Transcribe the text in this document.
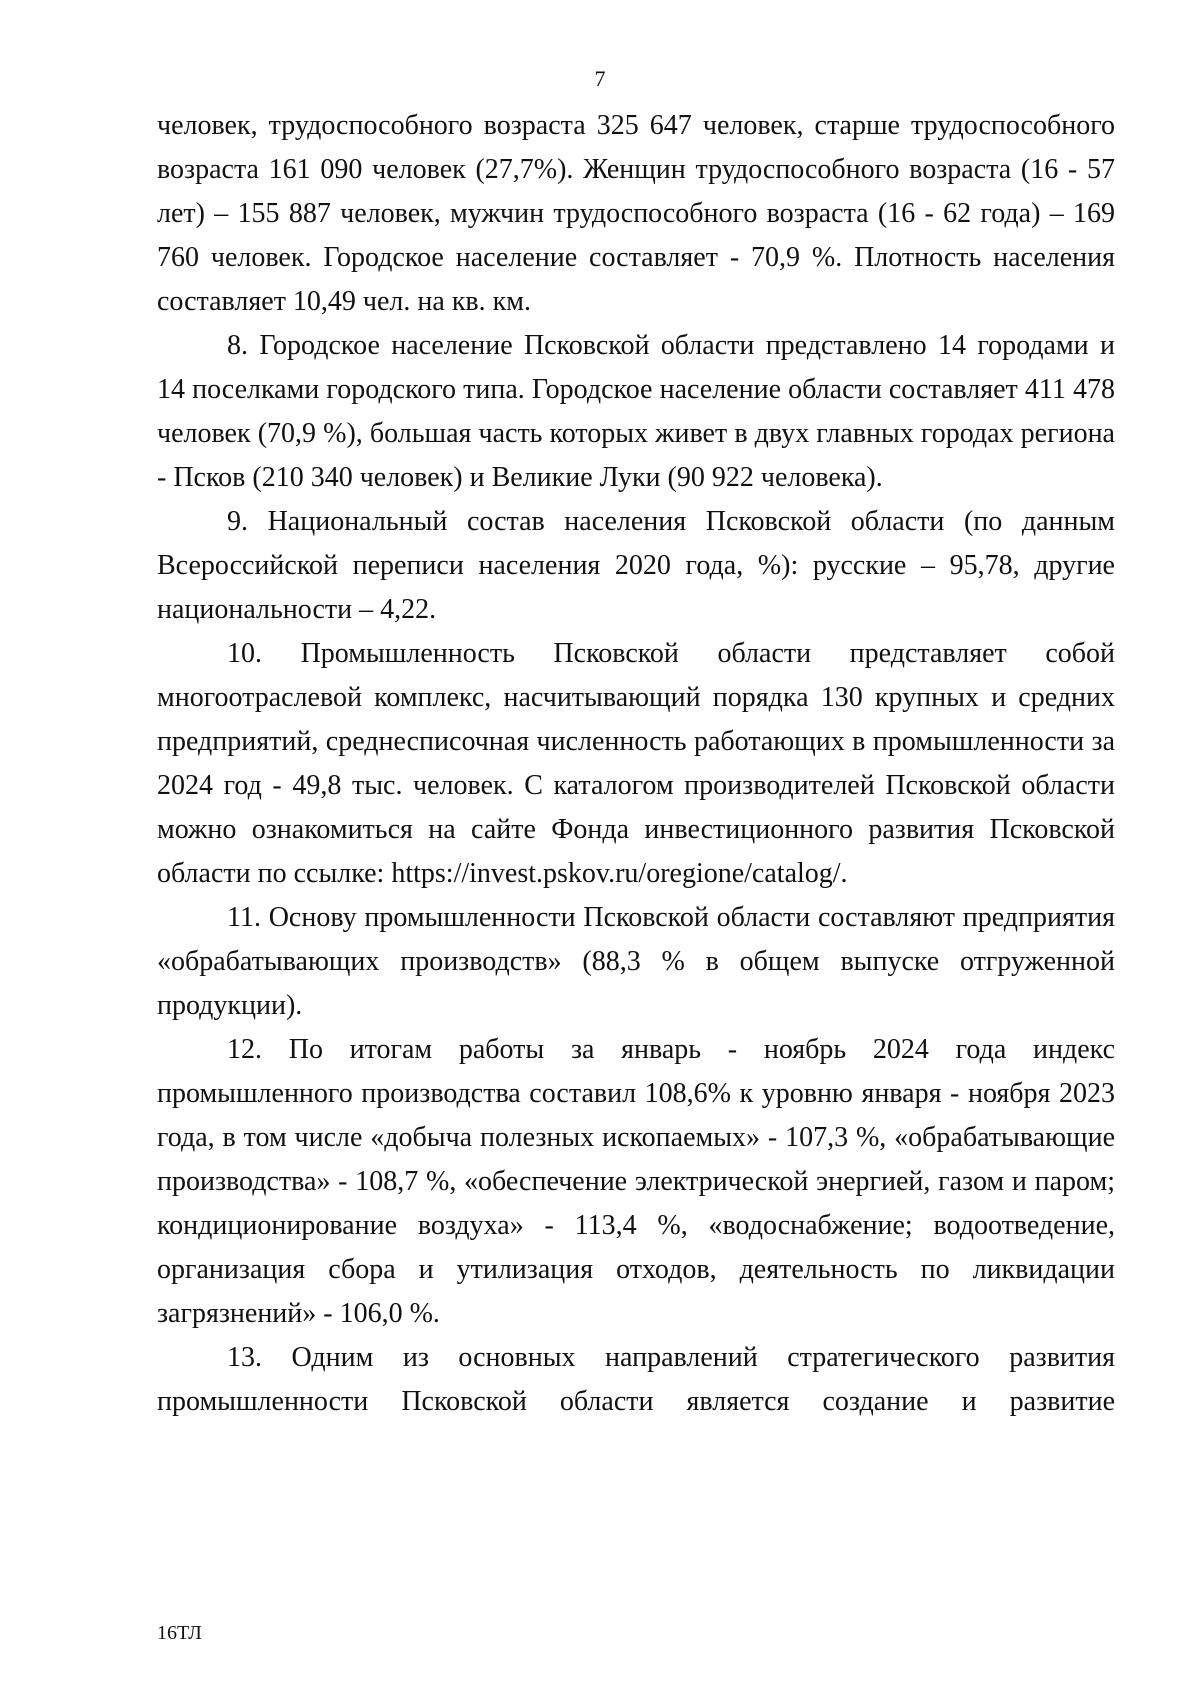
7

человек, трудоспособного возраста 325 647 человек, старше трудоспособного возраста 161 090 человек (27,7%). Женщин трудоспособного возраста (16 - 57 лет) – 155 887 человек, мужчин трудоспособного возраста (16 - 62 года) – 169 760 человек. Городское население составляет - 70,9 %. Плотность населения составляет 10,49 чел. на кв. км.

8. Городское население Псковской области представлено 14 городами и 14 поселками городского типа. Городское население области составляет 411 478 человек (70,9 %), большая часть которых живет в двух главных городах региона - Псков (210 340 человек) и Великие Луки (90 922 человека).

9. Национальный состав населения Псковской области (по данным Всероссийской переписи населения 2020 года, %): русские – 95,78, другие национальности – 4,22.

10. Промышленность Псковской области представляет собой многоотраслевой комплекс, насчитывающий порядка 130 крупных и средних предприятий, среднесписочная численность работающих в промышленности за 2024 год - 49,8 тыс. человек. С каталогом производителей Псковской области можно ознакомиться на сайте Фонда инвестиционного развития Псковской области по ссылке: https://invest.pskov.ru/oregione/catalog/.

11. Основу промышленности Псковской области составляют предприятия «обрабатывающих производств» (88,3 % в общем выпуске отгруженной продукции).

12. По итогам работы за январь - ноябрь 2024 года индекс промышленного производства составил 108,6% к уровню января - ноября 2023 года, в том числе «добыча полезных ископаемых» - 107,3 %, «обрабатывающие производства» - 108,7 %, «обеспечение электрической энергией, газом и паром; кондиционирование воздуха» - 113,4 %, «водоснабжение; водоотведение, организация сбора и утилизация отходов, деятельность по ликвидации загрязнений» - 106,0 %.

13. Одним из основных направлений стратегического развития промышленности Псковской области является создание и развитие

16ТЛ
